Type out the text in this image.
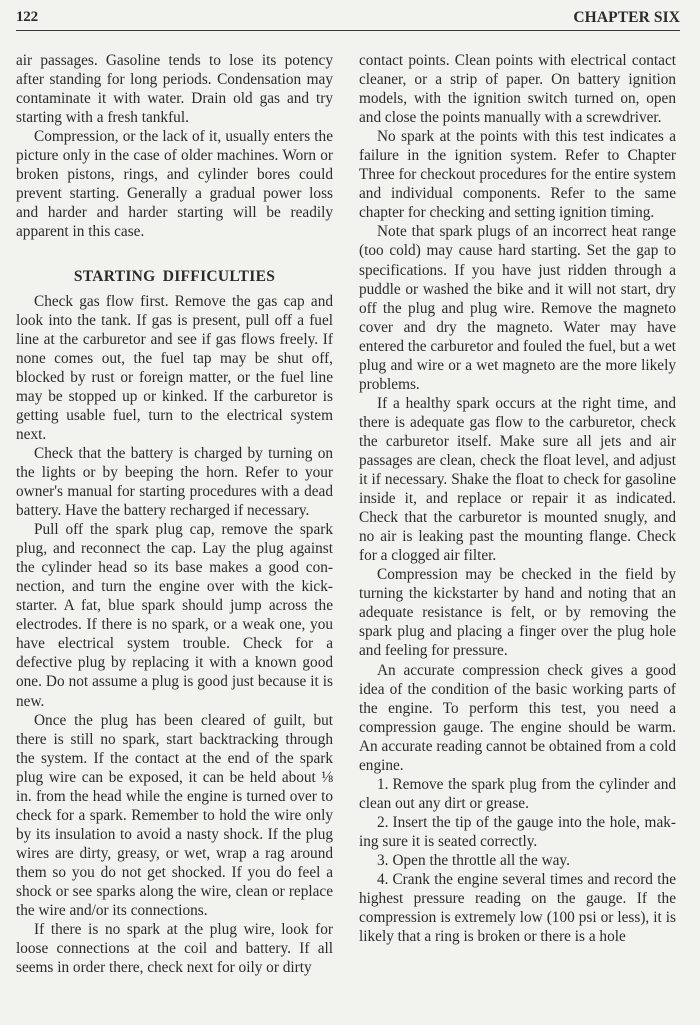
122	CHAPTER SIX

air passages. Gasoline tends to lose its potency after standing for long periods. Condensation may contaminate it with water. Drain old gas and try starting with a fresh tankful.

Compression, or the lack of it, usually enters the picture only in the case of older machines. Worn or broken pistons, rings, and cylinder bores could prevent starting. Generally a gradual power loss and harder and harder starting will be readily apparent in this case.

STARTING DIFFICULTIES

Check gas flow first. Remove the gas cap and look into the tank. If gas is present, pull off a fuel line at the carburetor and see if gas flows freely. If none comes out, the fuel tap may be shut off, blocked by rust or foreign matter, or the fuel line may be stopped up or kinked. If the carburetor is getting usable fuel, turn to the electrical system next.

Check that the battery is charged by turning on the lights or by beeping the horn. Refer to your owner's manual for starting procedures with a dead battery. Have the battery recharged if necessary.

Pull off the spark plug cap, remove the spark plug, and reconnect the cap. Lay the plug against the cylinder head so its base makes a good connection, and turn the engine over with the kickstarter. A fat, blue spark should jump across the electrodes. If there is no spark, or a weak one, you have electrical system trouble. Check for a defective plug by replacing it with a known good one. Do not assume a plug is good just because it is new.

Once the plug has been cleared of guilt, but there is still no spark, start backtracking through the system. If the contact at the end of the spark plug wire can be exposed, it can be held about ⅛ in. from the head while the engine is turned over to check for a spark. Remember to hold the wire only by its insulation to avoid a nasty shock. If the plug wires are dirty, greasy, or wet, wrap a rag around them so you do not get shocked. If you do feel a shock or see sparks along the wire, clean or replace the wire and/or its connections.

If there is no spark at the plug wire, look for loose connections at the coil and battery. If all seems in order there, check next for oily or dirty

contact points. Clean points with electrical contact cleaner, or a strip of paper. On battery ignition models, with the ignition switch turned on, open and close the points manually with a screwdriver.

No spark at the points with this test indicates a failure in the ignition system. Refer to Chapter Three for checkout procedures for the entire system and individual components. Refer to the same chapter for checking and setting ignition timing.

Note that spark plugs of an incorrect heat range (too cold) may cause hard starting. Set the gap to specifications. If you have just ridden through a puddle or washed the bike and it will not start, dry off the plug and plug wire. Remove the magneto cover and dry the magneto. Water may have entered the carburetor and fouled the fuel, but a wet plug and wire or a wet magneto are the more likely problems.

If a healthy spark occurs at the right time, and there is adequate gas flow to the carburetor, check the carburetor itself. Make sure all jets and air passages are clean, check the float level, and adjust it if necessary. Shake the float to check for gasoline inside it, and replace or repair it as indicated. Check that the carburetor is mounted snugly, and no air is leaking past the mounting flange. Check for a clogged air filter.

Compression may be checked in the field by turning the kickstarter by hand and noting that an adequate resistance is felt, or by removing the spark plug and placing a finger over the plug hole and feeling for pressure.

An accurate compression check gives a good idea of the condition of the basic working parts of the engine. To perform this test, you need a compression gauge. The engine should be warm. An accurate reading cannot be obtained from a cold engine.

1. Remove the spark plug from the cylinder and clean out any dirt or grease.

2. Insert the tip of the gauge into the hole, making sure it is seated correctly.

3. Open the throttle all the way.

4. Crank the engine several times and record the highest pressure reading on the gauge. If the compression is extremely low (100 psi or less), it is likely that a ring is broken or there is a hole
